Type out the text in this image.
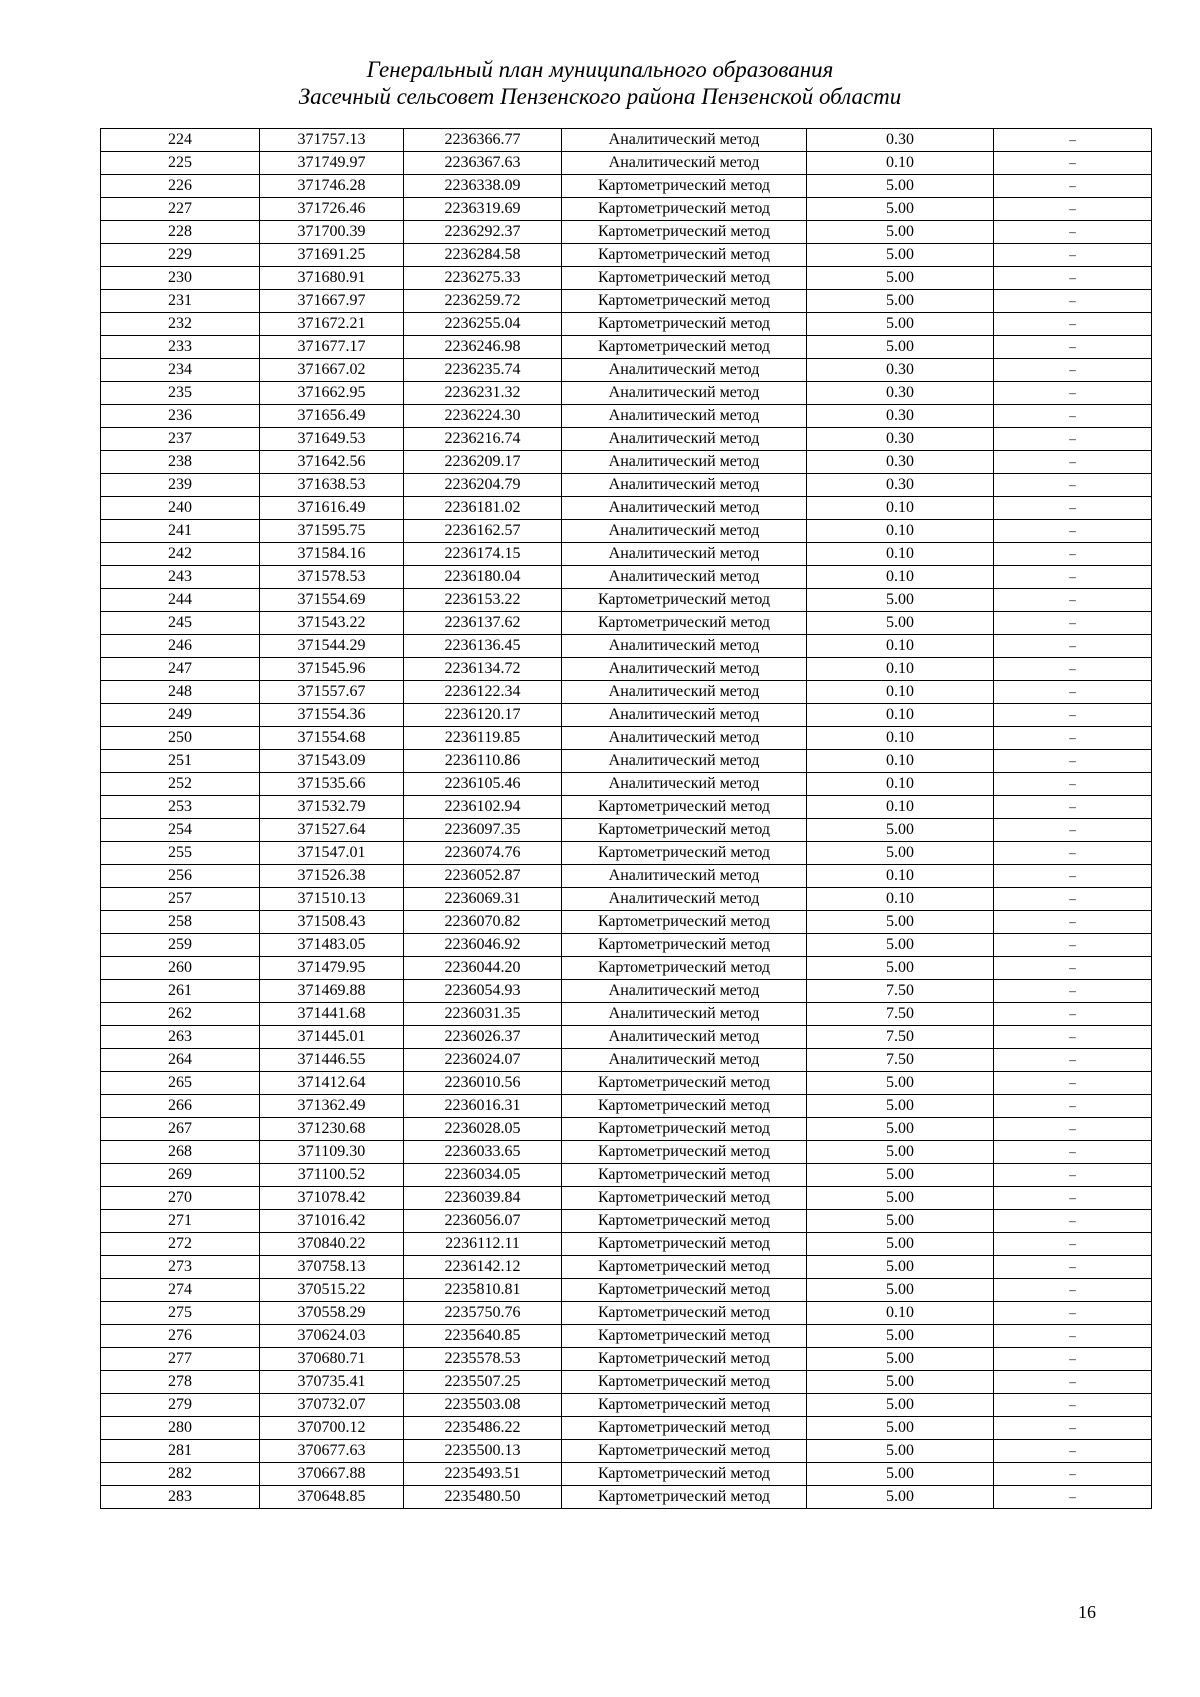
Генеральный план муниципального образования
Засечный сельсовет Пензенского района Пензенской области
224	371757.13	2236366.77	Аналитический метод	0.30	–
225	371749.97	2236367.63	Аналитический метод	0.10	–
226	371746.28	2236338.09	Картометрический метод	5.00	–
227	371726.46	2236319.69	Картометрический метод	5.00	–
228	371700.39	2236292.37	Картометрический метод	5.00	–
229	371691.25	2236284.58	Картометрический метод	5.00	–
230	371680.91	2236275.33	Картометрический метод	5.00	–
231	371667.97	2236259.72	Картометрический метод	5.00	–
232	371672.21	2236255.04	Картометрический метод	5.00	–
233	371677.17	2236246.98	Картометрический метод	5.00	–
234	371667.02	2236235.74	Аналитический метод	0.30	–
235	371662.95	2236231.32	Аналитический метод	0.30	–
236	371656.49	2236224.30	Аналитический метод	0.30	–
237	371649.53	2236216.74	Аналитический метод	0.30	–
238	371642.56	2236209.17	Аналитический метод	0.30	–
239	371638.53	2236204.79	Аналитический метод	0.30	–
240	371616.49	2236181.02	Аналитический метод	0.10	–
241	371595.75	2236162.57	Аналитический метод	0.10	–
242	371584.16	2236174.15	Аналитический метод	0.10	–
243	371578.53	2236180.04	Аналитический метод	0.10	–
244	371554.69	2236153.22	Картометрический метод	5.00	–
245	371543.22	2236137.62	Картометрический метод	5.00	–
246	371544.29	2236136.45	Аналитический метод	0.10	–
247	371545.96	2236134.72	Аналитический метод	0.10	–
248	371557.67	2236122.34	Аналитический метод	0.10	–
249	371554.36	2236120.17	Аналитический метод	0.10	–
250	371554.68	2236119.85	Аналитический метод	0.10	–
251	371543.09	2236110.86	Аналитический метод	0.10	–
252	371535.66	2236105.46	Аналитический метод	0.10	–
253	371532.79	2236102.94	Картометрический метод	0.10	–
254	371527.64	2236097.35	Картометрический метод	5.00	–
255	371547.01	2236074.76	Картометрический метод	5.00	–
256	371526.38	2236052.87	Аналитический метод	0.10	–
257	371510.13	2236069.31	Аналитический метод	0.10	–
258	371508.43	2236070.82	Картометрический метод	5.00	–
259	371483.05	2236046.92	Картометрический метод	5.00	–
260	371479.95	2236044.20	Картометрический метод	5.00	–
261	371469.88	2236054.93	Аналитический метод	7.50	–
262	371441.68	2236031.35	Аналитический метод	7.50	–
263	371445.01	2236026.37	Аналитический метод	7.50	–
264	371446.55	2236024.07	Аналитический метод	7.50	–
265	371412.64	2236010.56	Картометрический метод	5.00	–
266	371362.49	2236016.31	Картометрический метод	5.00	–
267	371230.68	2236028.05	Картометрический метод	5.00	–
268	371109.30	2236033.65	Картометрический метод	5.00	–
269	371100.52	2236034.05	Картометрический метод	5.00	–
270	371078.42	2236039.84	Картометрический метод	5.00	–
271	371016.42	2236056.07	Картометрический метод	5.00	–
272	370840.22	2236112.11	Картометрический метод	5.00	–
273	370758.13	2236142.12	Картометрический метод	5.00	–
274	370515.22	2235810.81	Картометрический метод	5.00	–
275	370558.29	2235750.76	Картометрический метод	0.10	–
276	370624.03	2235640.85	Картометрический метод	5.00	–
277	370680.71	2235578.53	Картометрический метод	5.00	–
278	370735.41	2235507.25	Картометрический метод	5.00	–
279	370732.07	2235503.08	Картометрический метод	5.00	–
280	370700.12	2235486.22	Картометрический метод	5.00	–
281	370677.63	2235500.13	Картометрический метод	5.00	–
282	370667.88	2235493.51	Картометрический метод	5.00	–
283	370648.85	2235480.50	Картометрический метод	5.00	–
16
